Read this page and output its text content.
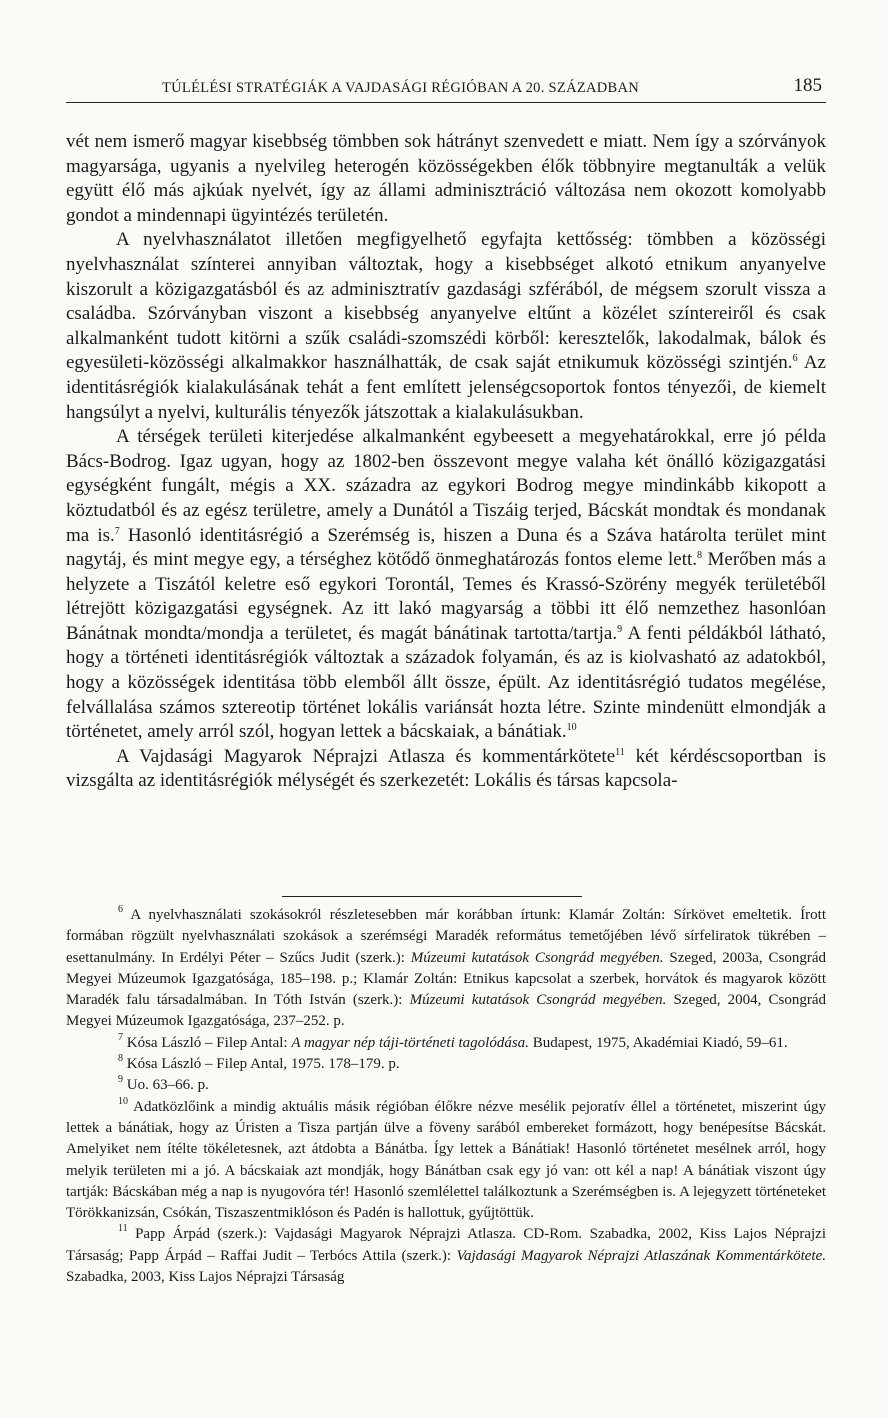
TÚLÉLÉSI STRATÉGIÁK A VAJDASÁGI RÉGIÓBAN A 20. SZÁZADBAN	185

vét nem ismerő magyar kisebbség tömbben sok hátrányt szenvedett e miatt. Nem így a szórványok magyarsága, ugyanis a nyelvileg heterogén közösségekben élők többnyire megtanulták a velük együtt élő más ajkúak nyelvét, így az állami adminisztráció változása nem okozott komolyabb gondot a mindennapi ügyintézés területén.

A nyelvhasználatot illetően megfigyelhető egyfajta kettősség: tömbben a közösségi nyelvhasználat színterei annyiban változtak, hogy a kisebbséget alkotó etnikum anyanyelve kiszorult a közigazgatásból és az adminisztratív gazdasági szférából, de mégsem szorult vissza a családba. Szórványban viszont a kisebbség anyanyelve eltűnt a közélet színtereiről és csak alkalmanként tudott kitörni a szűk családi-szomszédi körből: keresztelők, lakodalmak, bálok és egyesületi-közösségi alkalmakkor használhatták, de csak saját etnikumuk közösségi szintjén.$^6$ Az identitásrégiók kialakulásának tehát a fent említett jelenségcsoportok fontos tényezői, de kiemelt hangsúlyt a nyelvi, kulturális tényezők játszottak a kialakulásukban.

A térségek területi kiterjedése alkalmanként egybeesett a megyehatárokkal, erre jó példa Bács-Bodrog. Igaz ugyan, hogy az 1802-ben összevont megye valaha két önálló közigazgatási egységként fungált, mégis a XX. századra az egykori Bodrog megye mindinkább kikopott a köztudatból és az egész területre, amely a Dunától a Tiszáig terjed, Bácskát mondtak és mondanak ma is.$^7$ Hasonló identitásrégió a Szerémség is, hiszen a Duna és a Száva határolta terület mint nagytáj, és mint megye egy, a térséghez kötődő önmeghatározás fontos eleme lett.$^8$ Merőben más a helyzete a Tiszától keletre eső egykori Torontál, Temes és Krassó-Szörény megyék területéből létrejött közigazgatási egységnek. Az itt lakó magyarság a többi itt élő nemzethez hasonlóan Bánátnak mondta/mondja a területet, és magát bánátinak tartotta/tartja.$^9$ A fenti példákból látható, hogy a történeti identitásrégiók változtak a századok folyamán, és az is kiolvasható az adatokból, hogy a közösségek identitása több elemből állt össze, épült. Az identitásrégió tudatos megélése, felvállalása számos sztereotip történet lokális variánsát hozta létre. Szinte mindenütt elmondják a történetet, amely arról szól, hogyan lettek a bácskaiak, a bánátiak.$^{10}$

A Vajdasági Magyarok Néprajzi Atlasza és kommentárkötete$^{11}$ két kérdéscsoportban is vizsgálta az identitásrégiók mélységét és szerkezetét: Lokális és társas kapcsola-

$^6$ A nyelvhasználati szokásokról részletesebben már korábban írtunk: Klamár Zoltán: Sírkövet emeltetik. Írott formában rögzült nyelvhasználati szokások a szerémségi Maradék református temetőjében lévő sírfeliratok tükrében – esettanulmány. In Erdélyi Péter – Szűcs Judit (szerk.): Múzeumi kutatások Csongrád megyében. Szeged, 2003a, Csongrád Megyei Múzeumok Igazgatósága, 185–198. p.; Klamár Zoltán: Etnikus kapcsolat a szerbek, horvátok és magyarok között Maradék falu társadalmában. In Tóth István (szerk.): Múzeumi kutatások Csongrád megyében. Szeged, 2004, Csongrád Megyei Múzeumok Igazgatósága, 237–252. p.

$^7$ Kósa László – Filep Antal: A magyar nép táji-történeti tagolódása. Budapest, 1975, Akadémiai Kiadó, 59–61.

$^8$ Kósa László – Filep Antal, 1975. 178–179. p.

$^9$ Uo. 63–66. p.

$^{10}$ Adatközlőink a mindig aktuális másik régióban élőkre nézve mesélik pejoratív éllel a történetet, miszerint úgy lettek a bánátiak, hogy az Úristen a Tisza partján ülve a föveny sarából embereket formázott, hogy benépesítse Bácskát. Amelyiket nem ítélte tökéletesnek, azt átdobta a Bánátba. Így lettek a Bánátiak! Hasonló történetet mesélnek arról, hogy melyik területen mi a jó. A bácskaiak azt mondják, hogy Bánátban csak egy jó van: ott kél a nap! A bánátiak viszont úgy tartják: Bácskában még a nap is nyugovóra tér! Hasonló szemlélettel találkoztunk a Szerémségben is. A lejegyzett történeteket Törökkanizsán, Csókán, Tiszaszentmiklóson és Padén is hallottuk, gyűjtöttük.

$^{11}$ Papp Árpád (szerk.): Vajdasági Magyarok Néprajzi Atlasza. CD-Rom. Szabadka, 2002, Kiss Lajos Néprajzi Társaság; Papp Árpád – Raffai Judit – Terbócs Attila (szerk.): Vajdasági Magyarok Néprajzi Atlaszának Kommentárkötete. Szabadka, 2003, Kiss Lajos Néprajzi Társaság
